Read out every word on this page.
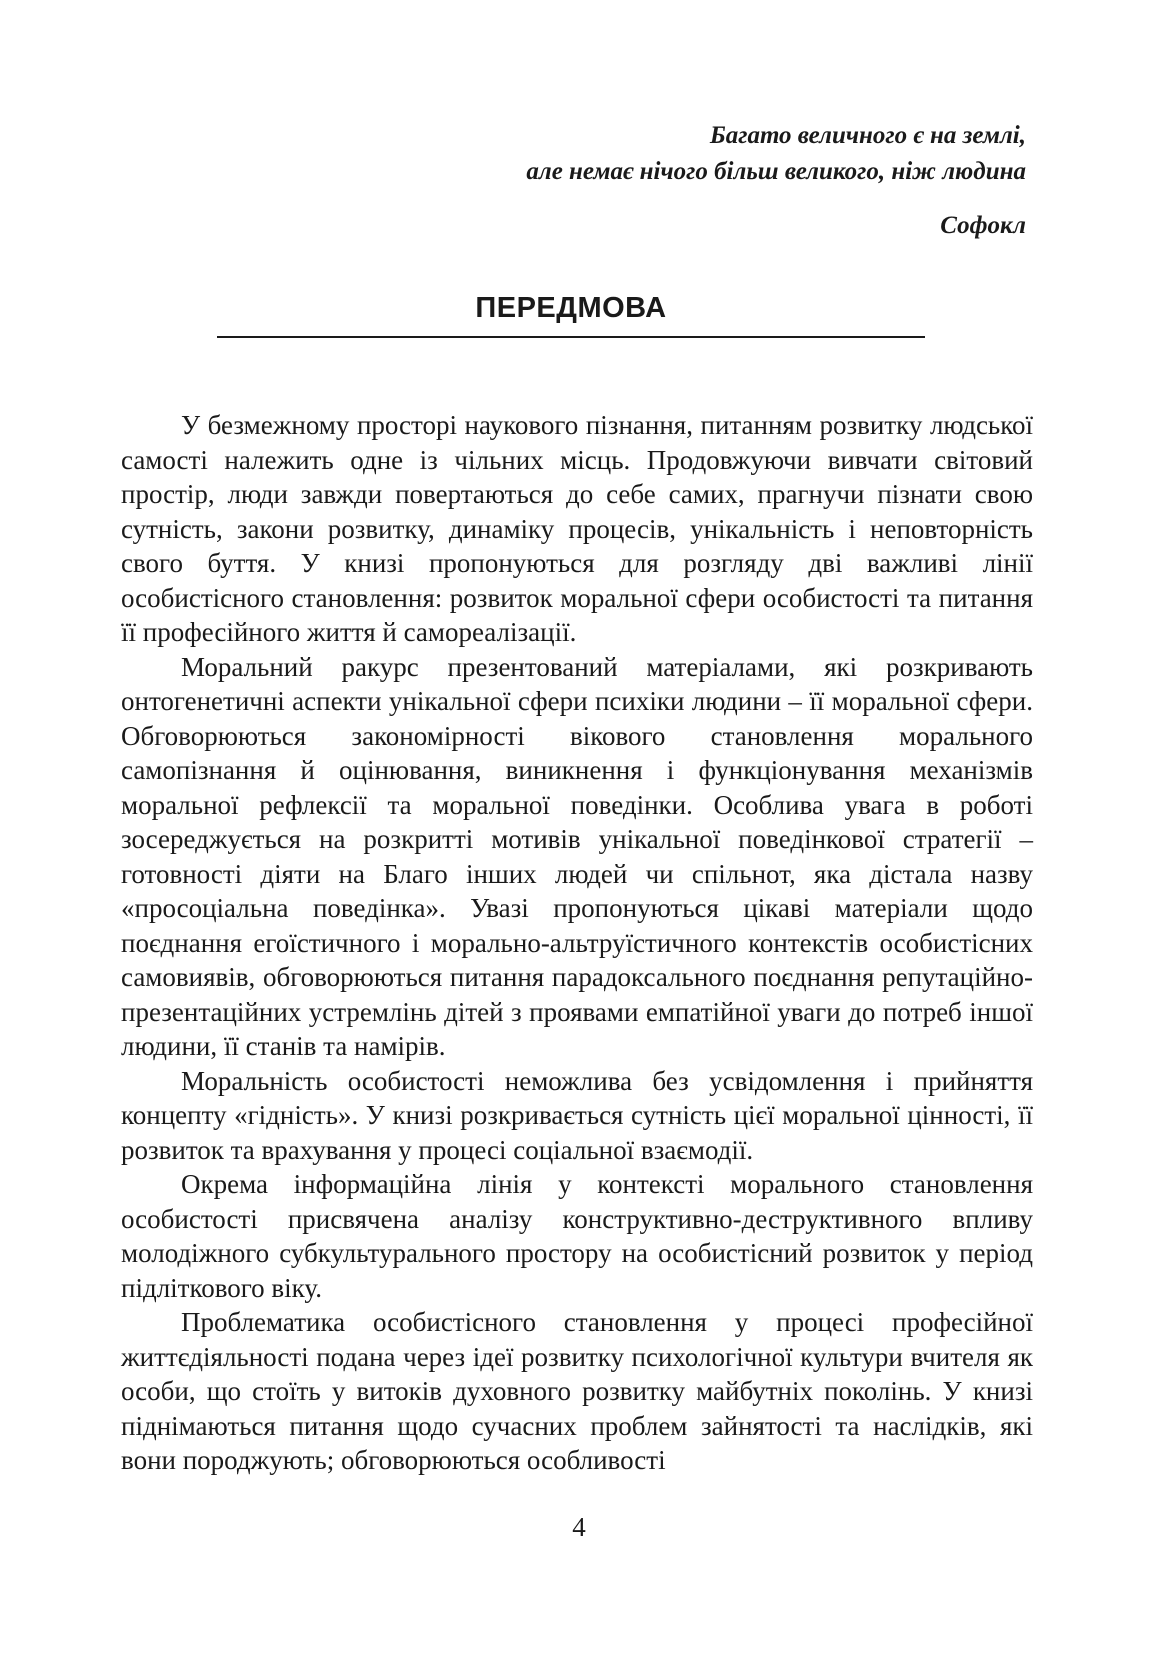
Багато величного є на землі,
але немає нічого більш великого, ніж людина
Софокл
ПЕРЕДМОВА

У безмежному просторі наукового пізнання, питанням розвитку людської самості належить одне із чільних місць. Продовжуючи вивчати світовий простір, люди завжди повертаються до себе самих, прагнучи пізнати свою сутність, закони розвитку, динаміку процесів, унікальність і неповторність свого буття. У книзі пропонуються для розгляду дві важливі лінії особистісного становлення: розвиток моральної сфери особистості та питання її професійного життя й самореалізації.

Моральний ракурс презентований матеріалами, які розкривають онтогенетичні аспекти унікальної сфери психіки людини – її моральної сфери. Обговорюються закономірності вікового становлення морального самопізнання й оцінювання, виникнення і функціонування механізмів моральної рефлексії та моральної поведінки. Особлива увага в роботі зосереджується на розкритті мотивів унікальної поведінкової стратегії – готовності діяти на Благо інших людей чи спільнот, яка дістала назву «просоціальна поведінка». Увазі пропонуються цікаві матеріали щодо поєднання егоїстичного і морально-альтруїстичного контекстів особистісних самовиявів, обговорюються питання парадоксального поєднання репутаційно-презентаційних устремлінь дітей з проявами емпатійної уваги до потреб іншої людини, її станів та намірів.

Моральність особистості неможлива без усвідомлення і прийняття концепту «гідність». У книзі розкривається сутність цієї моральної цінності, її розвиток та врахування у процесі соціальної взаємодії.

Окрема інформаційна лінія у контексті морального становлення особистості присвячена аналізу конструктивно-деструктивного впливу молодіжного субкультурального простору на особистісний розвиток у період підліткового віку.

Проблематика особистісного становлення у процесі професійної життєдіяльності подана через ідеї розвитку психологічної культури вчителя як особи, що стоїть у витоків духовного розвитку майбутніх поколінь. У книзі піднімаються питання щодо сучасних проблем зайнятості та наслідків, які вони породжують; обговорюються особливості

4
